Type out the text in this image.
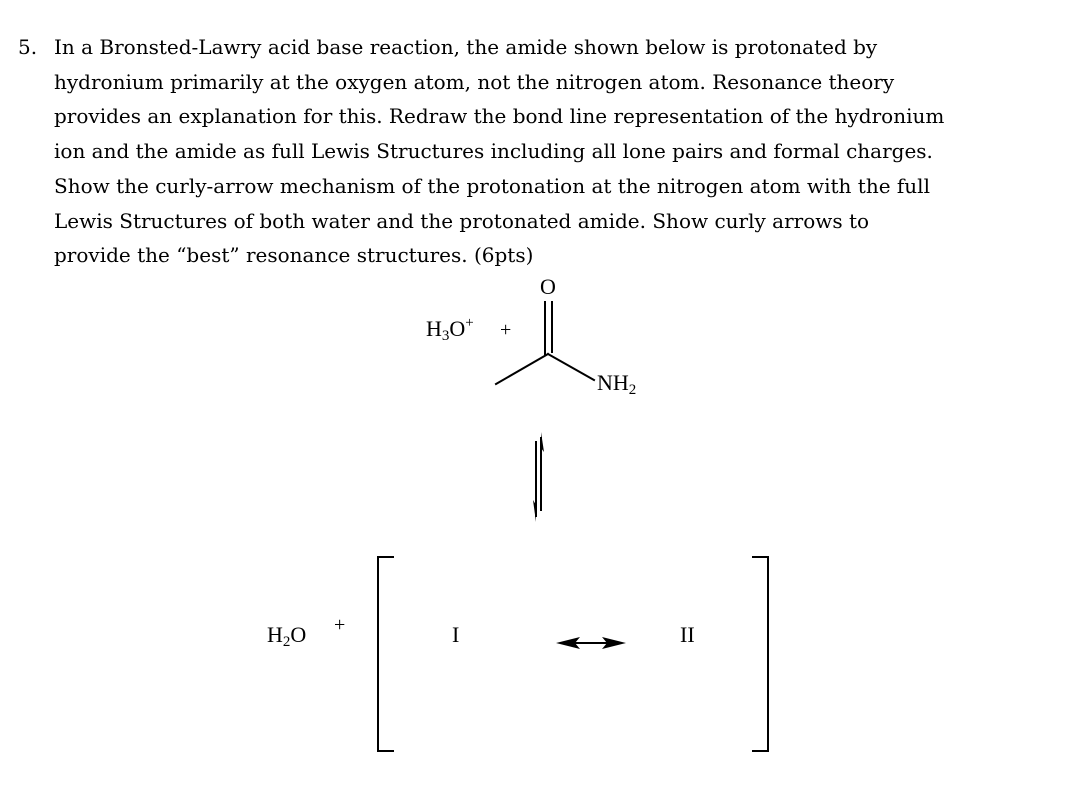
5. In a Bronsted-Lawry acid base reaction, the amide shown below is protonated by
hydronium primarily at the oxygen atom, not the nitrogen atom. Resonance theory
provides an explanation for this. Redraw the bond line representation of the hydronium
ion and the amide as full Lewis Structures including all lone pairs and formal charges.
Show the curly-arrow mechanism of the protonation at the nitrogen atom with the full
Lewis Structures of both water and the protonated amide. Show curly arrows to
provide the “best” resonance structures. (6pts)
$H_3O^+$ +
O
$NH_2$
$H_2O$ +	I	II
